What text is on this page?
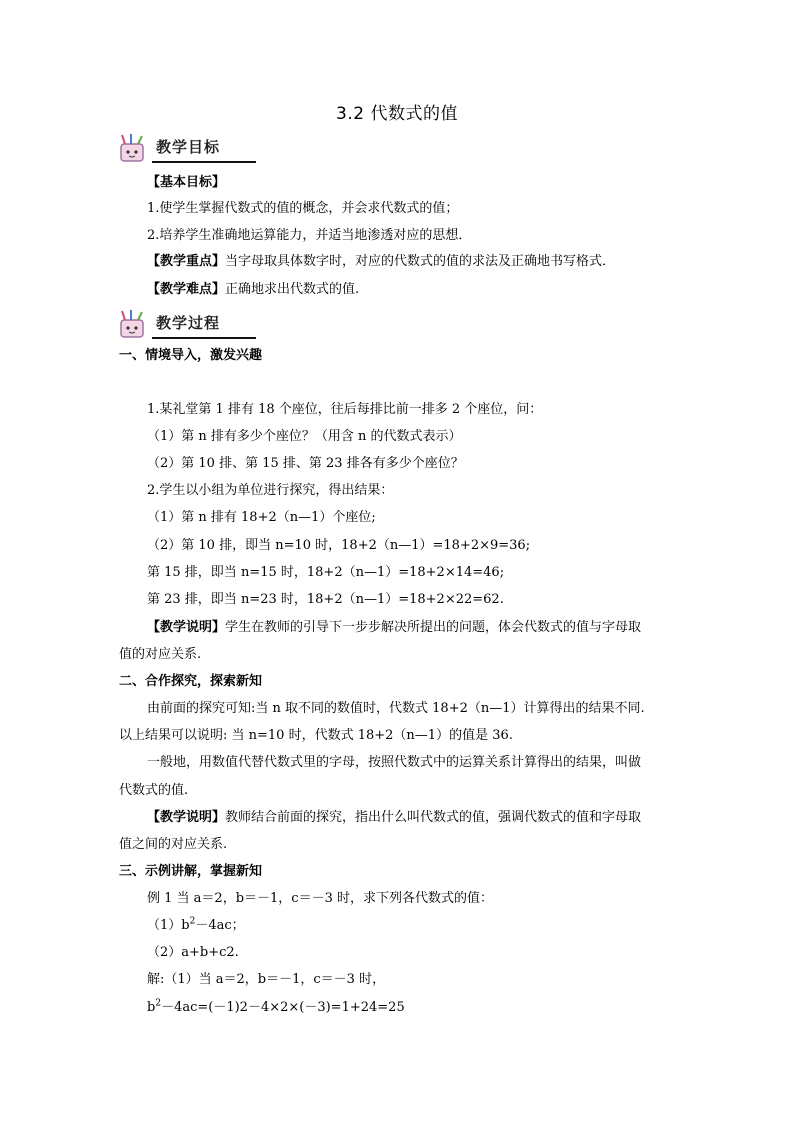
3.2 代数式的值
教学目标
【基本目标】
1.使学生掌握代数式的值的概念，并会求代数式的值；
2.培养学生准确地运算能力，并适当地渗透对应的思想．
【教学重点】当字母取具体数字时，对应的代数式的值的求法及正确地书写格式．
【教学难点】正确地求出代数式的值.
教学过程
一、情境导入，激发兴趣
1.某礼堂第 1 排有 18 个座位，往后每排比前一排多 2 个座位，问：
（1）第 n 排有多少个座位？（用含 n 的代数式表示）
（2）第 10 排、第 15 排、第 23 排各有多少个座位？
2.学生以小组为单位进行探究，得出结果：
（1）第 n 排有 18+2（n—1）个座位;
（2）第 10 排，即当 n=10 时，18+2（n—1）=18+2×9=36;
第 15 排，即当 n=15 时，18+2（n—1）=18+2×14=46;
第 23 排，即当 n=23 时，18+2（n—1）=18+2×22=62.
【教学说明】学生在教师的引导下一步步解决所提出的问题，体会代数式的值与字母取
值的对应关系.
二、合作探究，探索新知
由前面的探究可知:当 n 取不同的数值时，代数式 18+2（n—1）计算得出的结果不同.
以上结果可以说明: 当 n=10 时，代数式 18+2（n—1）的值是 36.
一般地，用数值代替代数式里的字母，按照代数式中的运算关系计算得出的结果，叫做
代数式的值.
【教学说明】教师结合前面的探究，指出什么叫代数式的值，强调代数式的值和字母取
值之间的对应关系.
三、示例讲解，掌握新知
例 1 当 a＝2，b＝－1，c＝－3 时，求下列各代数式的值：
$(1)b^2-4ac$；
（2）a+b+c2.
解:（1）当 a＝2，b＝－1，c＝－3 时，
$b^2-4ac=(-1)2-4\times 2\times(-3)=1+24=25$
